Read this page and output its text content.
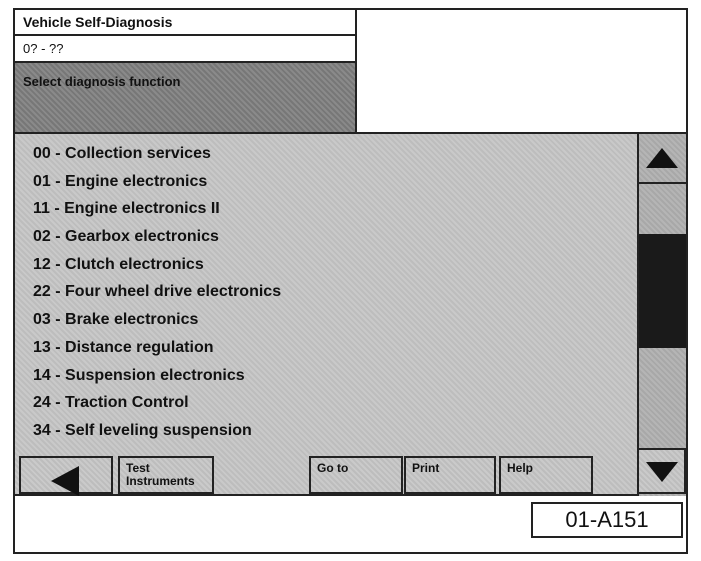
Vehicle Self-Diagnosis
0? - ??
Select diagnosis function
00 - Collection services
01 - Engine electronics
11 - Engine electronics II
02 - Gearbox electronics
12 - Clutch electronics
22 - Four wheel drive electronics
03 - Brake electronics
13 - Distance regulation
14 - Suspension electronics
24 - Traction Control
34 - Self leveling suspension
Test
Instruments
Go to	Print	Help
01-A151
